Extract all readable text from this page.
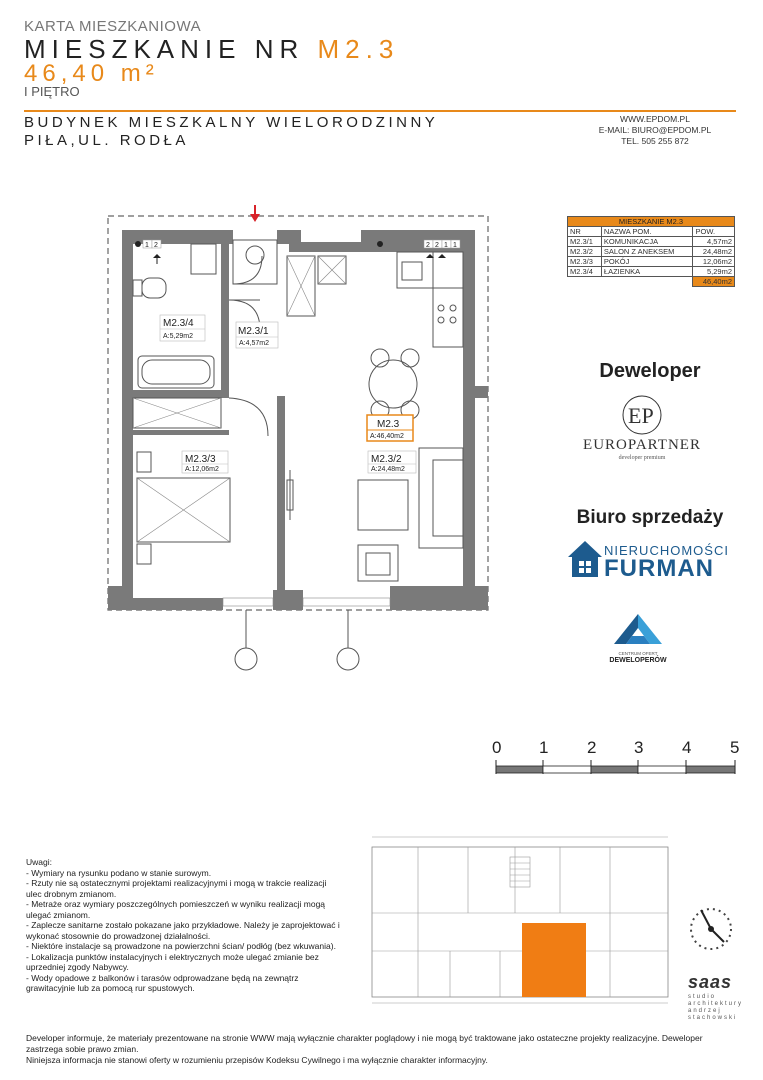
KARTA MIESZKANIOWA
MIESZKANIE NR M2.3
46,40 m²
I PIĘTRO
BUDYNEK MIESZKALNY WIELORODZINNY
PIŁA,UL. RODŁA
WWW.EPDOM.PL
E-MAIL: BIURO@EPDOM.PL
TEL. 505 255 872
MIESZKANIE M2.3		
NR	NAZWA POM.	POW.
M2.3/1	KOMUNIKACJA	4,57m2
M2.3/2	SALON Z ANEKSEM	24,48m2
M2.3/3	POKÓJ	12,06m2
M2.3/4	ŁAZIENKA	5,29m2
		46,40m2
1 2	2 2 1 1
M2.3/4
A:5,29m2	M2.3/1
A:4,57m2
M2.3/3
A:12,06m2
M2.3/2
A:24,48m2
M2.3
A:46,40m2
Deweloper
EP
EUROPARTNER
developer premium
Biuro sprzedaży
NIERUCHOMOŚCI
FURMAN
CENTRUM OFERT
DEWELOPERÓW
0 1 2 3 4 5

Uwagi:

- Wymiary na rysunku podano w stanie surowym.

- Rzuty nie są ostatecznymi projektami realizacyjnymi i mogą w trakcie realizacji ulec drobnym zmianom.

- Metraże oraz wymiary poszczególnych pomieszczeń w wyniku realizacji mogą ulegać zmianom.

- Zaplecze sanitarne zostało pokazane jako przykładowe. Należy je zaprojektować i wykonać stosownie do prowadzonej działalności.

- Niektóre instalacje są prowadzone na powierzchni ścian/ podłóg (bez wkuwania).

- Lokalizacja punktów instalacyjnych i elektrycznych może ulegać zmianie bez uprzedniej zgody Nabywcy.

- Wody opadowe z balkonów i tarasów odprowadzane będą na zewnątrz grawitacyjnie lub za pomocą rur spustowych.	saas
studio architektury andrzej stachowski

Developer informuje, że materiały prezentowane na stronie WWW mają wyłącznie charakter poglądowy i nie mogą być traktowane jako ostateczne projekty realizacyjne. Deweloper zastrzega sobie prawo zmian.

Niniejsza informacja nie stanowi oferty w rozumieniu przepisów Kodeksu Cywilnego i ma wyłącznie charakter informacyjny.
